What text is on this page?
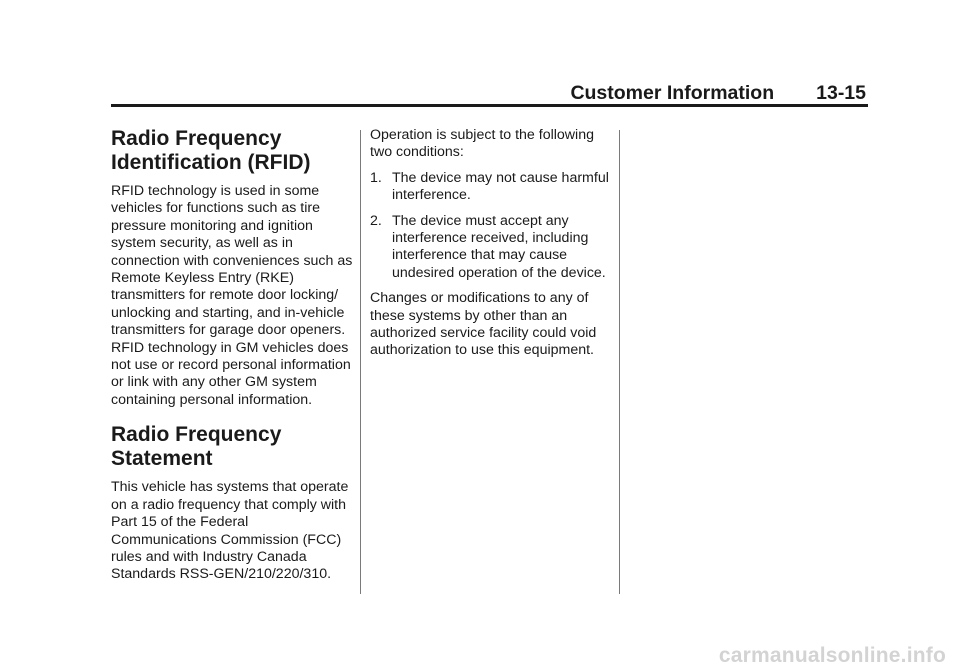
Customer Information 13-15
Radio Frequency Identification (RFID)

RFID technology is used in some vehicles for functions such as tire pressure monitoring and ignition system security, as well as in connection with conveniences such as Remote Keyless Entry (RKE) transmitters for remote door locking/ unlocking and starting, and in-vehicle transmitters for garage door openers. RFID technology in GM vehicles does not use or record personal information or link with any other GM system containing personal information.

Radio Frequency Statement

This vehicle has systems that operate on a radio frequency that comply with Part 15 of the Federal Communications Commission (FCC) rules and with Industry Canada Standards RSS-GEN/210/220/310.

Operation is subject to the following two conditions:

1. The device may not cause harmful interference.
2. The device must accept any interference received, including interference that may cause undesired operation of the device.

Changes or modifications to any of these systems by other than an authorized service facility could void authorization to use this equipment.

carmanualsonline.info
